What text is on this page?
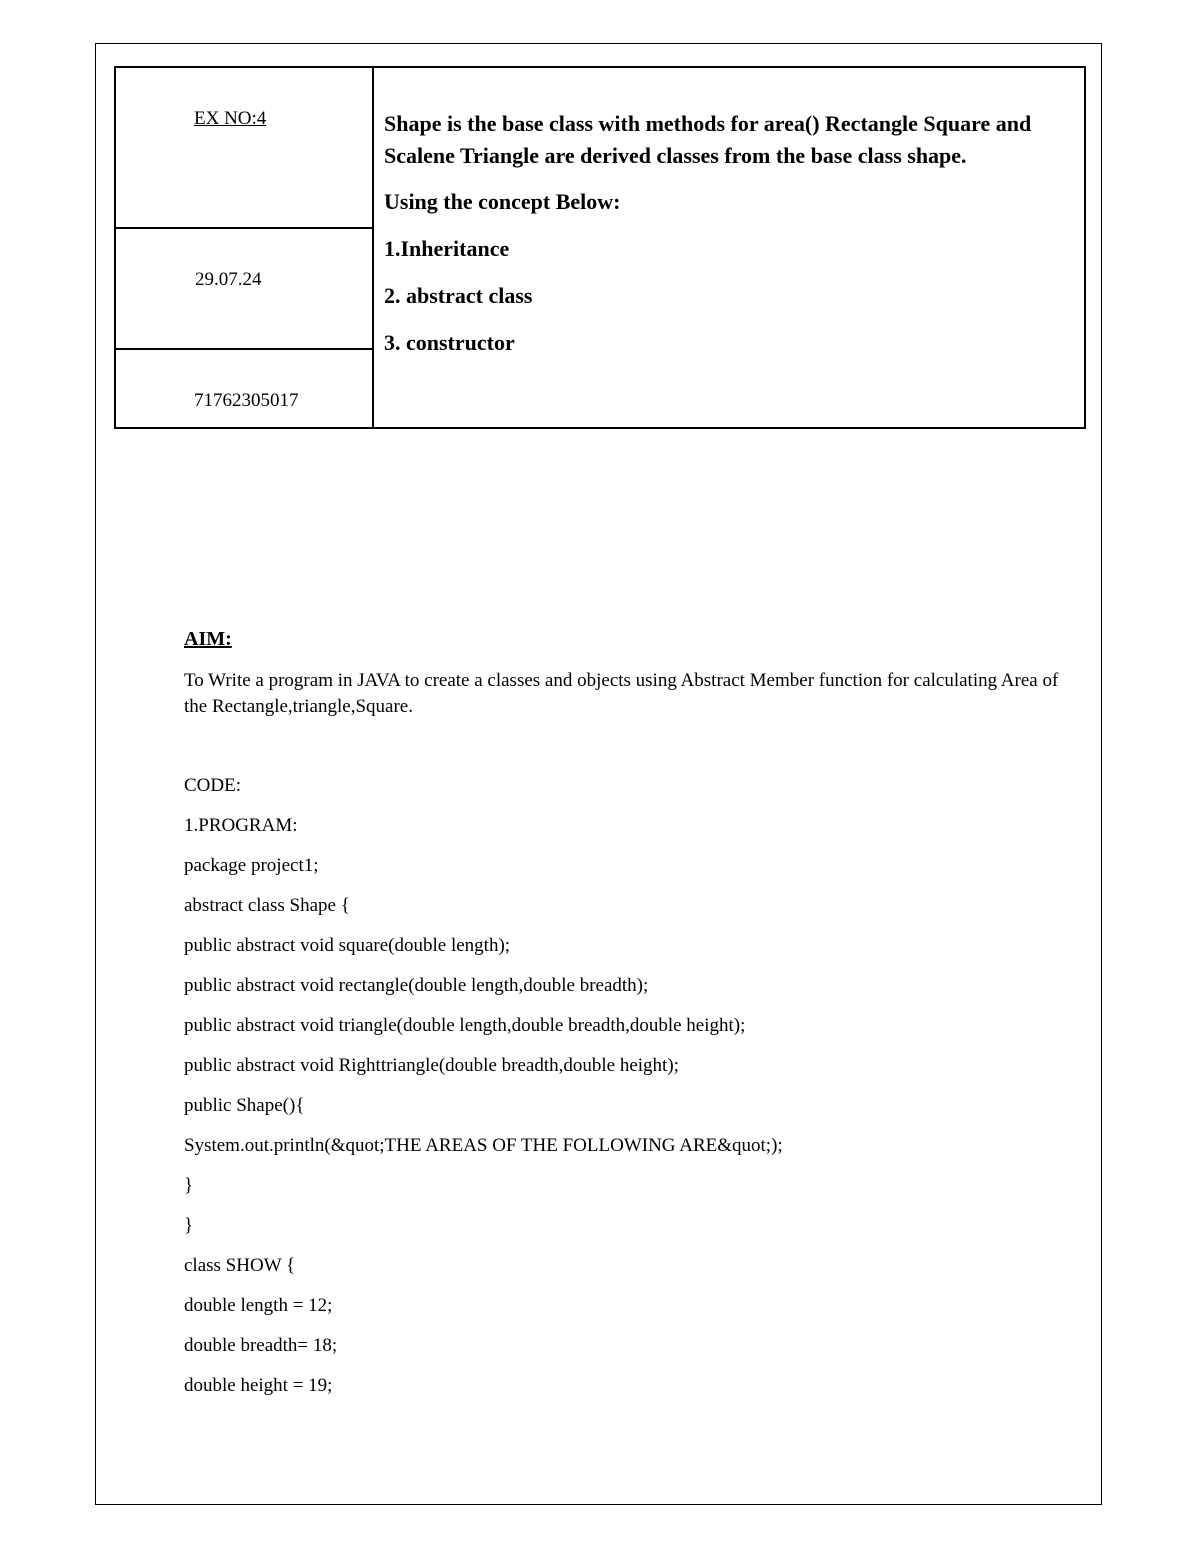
EX NO:4
29.07.24
71762305017

Shape is the base class with methods for area() Rectangle Square and Scalene Triangle are derived classes from the base class shape.

Using the concept Below:

1.Inheritance

2. abstract class

3. constructor

AIM:

To Write a program in JAVA to create a classes and objects using Abstract Member function for calculating Area of the Rectangle,triangle,Square.

CODE:
1.PROGRAM:
package project1;
abstract class Shape {
public abstract void square(double length);
public abstract void rectangle(double length,double breadth);
public abstract void triangle(double length,double breadth,double height);
public abstract void Righttriangle(double breadth,double height);
public Shape(){
System.out.println(&quot;THE AREAS OF THE FOLLOWING ARE&quot;);
}
}
class SHOW {
double length = 12;
double breadth= 18;
double height = 19;
